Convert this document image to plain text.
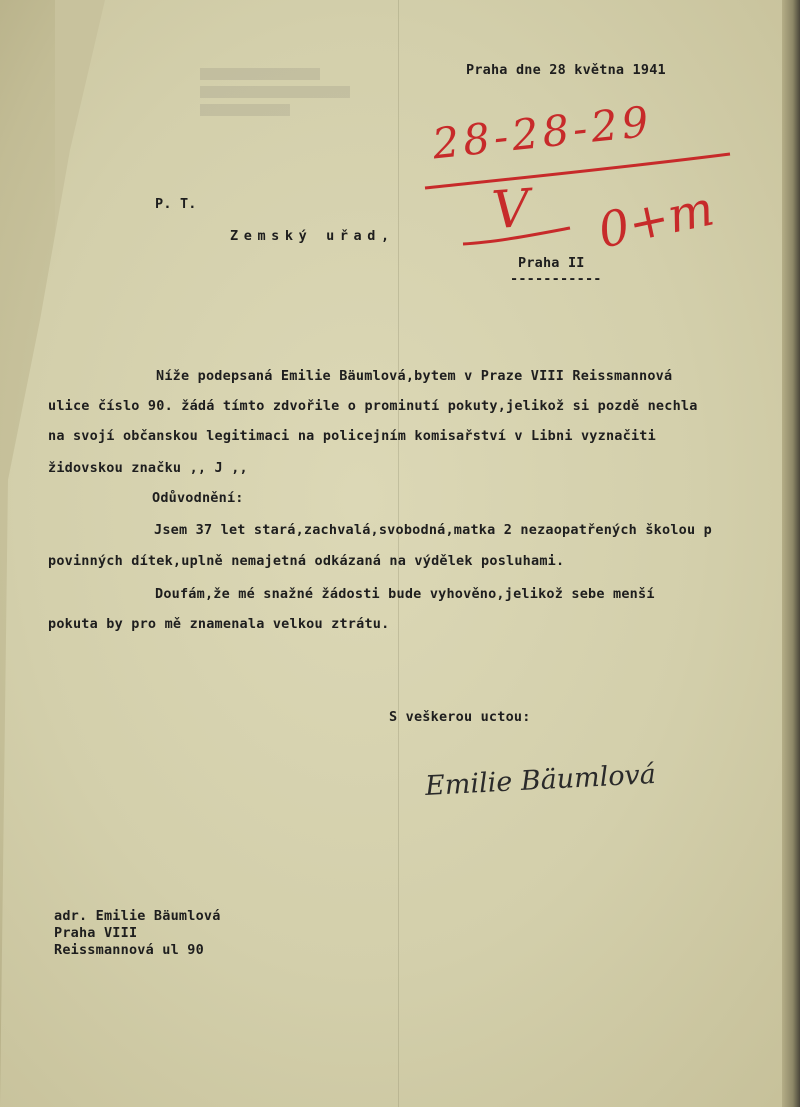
Praha dne 28 května 1941
28-28-29
V 0+m
P. T.
Zemský uřad,
Praha II
-----------
Níže podepsaná Emilie Bäumlová,bytem v Praze VIII Reissmannová
ulice číslo 90. žádá tímto zdvořile o prominutí pokuty,jelikož si pozdě nechla
na svojí občanskou legitimaci na policejním komisařství v Libni vyznačiti
židovskou značku ,, J ,,
Odůvodnění:
Jsem 37 let stará,zachvalá,svobodná,matka 2 nezaopatřených školou p
povinných dítek,uplně nemajetná odkázaná na výdělek posluhami.
Doufám,že mé snažné žádosti bude vyhověno,jelikož sebe menší
pokuta by pro mě znamenala velkou ztrátu.
S veškerou uctou:
Emilie Bäumlová
adr. Emilie Bäumlová
Praha VIII
Reissmannová ul 90
